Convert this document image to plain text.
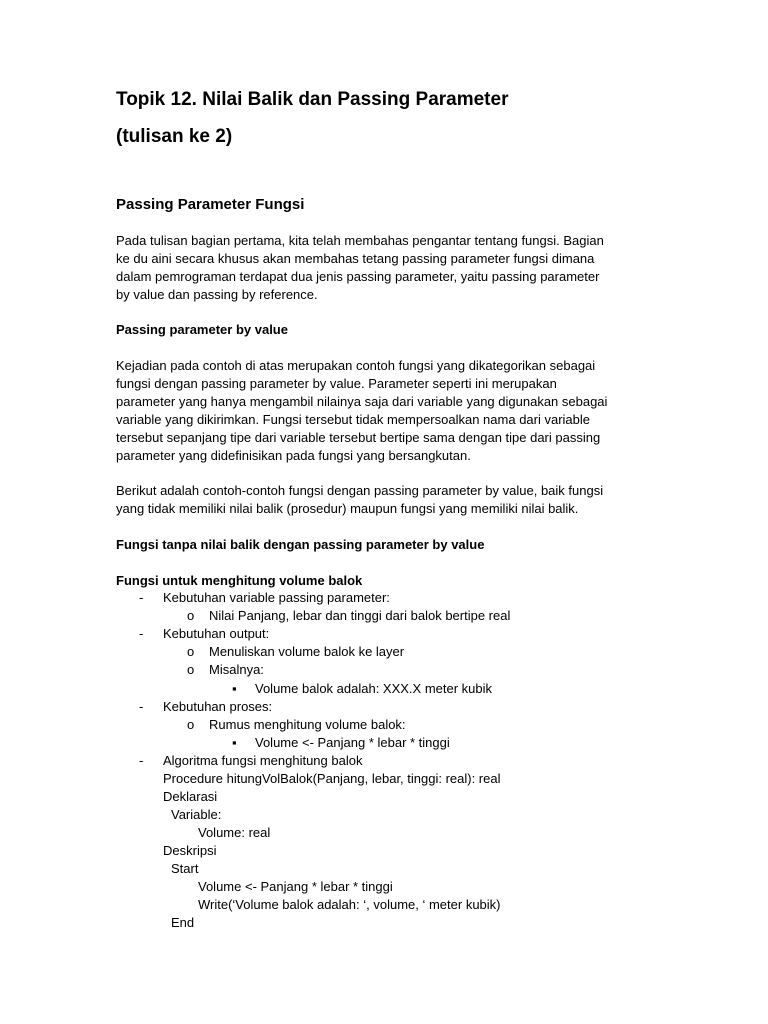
Topik 12. Nilai Balik dan Passing Parameter
(tulisan ke 2)
Passing Parameter Fungsi
Pada tulisan bagian pertama, kita telah membahas pengantar tentang fungsi. Bagian
ke du aini secara khusus akan membahas tetang passing parameter fungsi dimana
dalam pemrograman terdapat dua jenis passing parameter, yaitu passing parameter
by value dan passing by reference.
Passing parameter by value
Kejadian pada contoh di atas merupakan contoh fungsi yang dikategorikan sebagai
fungsi dengan passing parameter by value. Parameter seperti ini merupakan
parameter yang hanya mengambil nilainya saja dari variable yang digunakan sebagai
variable yang dikirimkan. Fungsi tersebut tidak mempersoalkan nama dari variable
tersebut sepanjang tipe dari variable tersebut bertipe sama dengan tipe dari passing
parameter yang didefinisikan pada fungsi yang bersangkutan.
Berikut adalah contoh-contoh fungsi dengan passing parameter by value, baik fungsi
yang tidak memiliki nilai balik (prosedur) maupun fungsi yang memiliki nilai balik.
Fungsi tanpa nilai balik dengan passing parameter by value
Fungsi untuk menghitung volume balok
- Kebutuhan variable passing parameter:
o Nilai Panjang, lebar dan tinggi dari balok bertipe real
- Kebutuhan output:
o Menuliskan volume balok ke layer
o Misalnya:
▪ Volume balok adalah: XXX.X meter kubik
- Kebutuhan proses:
o Rumus menghitung volume balok:
▪ Volume <- Panjang * lebar * tinggi
- Algoritma fungsi menghitung balok
Procedure hitungVolBalok(Panjang, lebar, tinggi: real): real
Deklarasi
Variable:
Volume: real
Deskripsi
Start
Volume <- Panjang * lebar * tinggi
Write(‘Volume balok adalah: ‘, volume, ‘ meter kubik)
End
